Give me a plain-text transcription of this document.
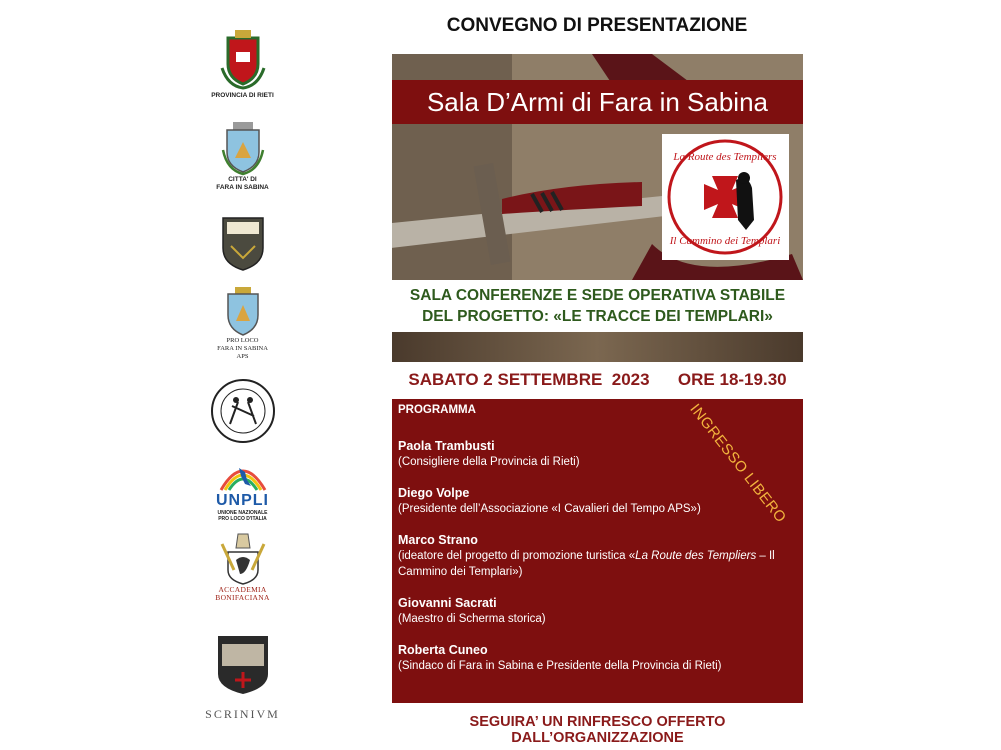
PROVINCIA DI RIETI
CITTA' DI
FARA IN SABINA
PRO LOCO
FARA IN SABINA
APS
UNPLI
UNIONE NAZIONALE
PRO LOCO D'ITALIA
ACCADEMIA
BONIFACIANA
SCRINIVM
CONVEGNO DI PRESENTAZIONE
Sala D’Armi di Fara in Sabina
La Route des Templiers
Il Cammino dei Templari
SALA CONFERENZE E SEDE OPERATIVA STABILE
DEL PROGETTO: «LE TRACCE DEI TEMPLARI»
SABATO 2 SETTEMBRE  2023      ORE 18-19.30
PROGRAMMA
Paola Trambusti
(Consigliere della Provincia di Rieti)
Diego Volpe
(Presidente dell’Associazione «I Cavalieri del Tempo APS»)
Marco Strano
(ideatore del progetto di promozione turistica «La Route des Templiers – Il Cammino dei Templari»)
Giovanni Sacrati
(Maestro di Scherma storica)
Roberta Cuneo
(Sindaco di Fara in Sabina e Presidente della Provincia di Rieti)
INGRESSO LIBERO
SEGUIRA’ UN RINFRESCO OFFERTO DALL’ORGANIZZAZIONE
